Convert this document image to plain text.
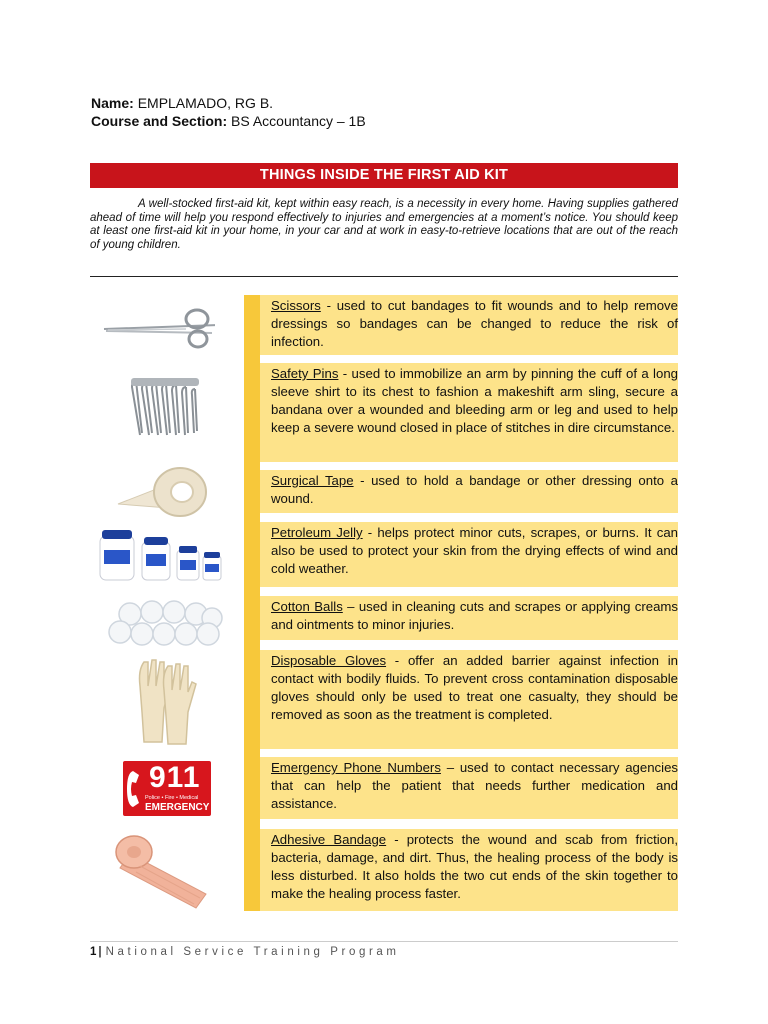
Name: EMPLAMADO, RG B.
Course and Section: BS Accountancy – 1B
THINGS INSIDE THE FIRST AID KIT
A well-stocked first-aid kit, kept within easy reach, is a necessity in every home. Having supplies gathered ahead of time will help you respond effectively to injuries and emergencies at a moment’s notice. You should keep at least one first-aid kit in your home, in your car and at work in easy-to-retrieve locations that are out of the reach of young children.
Scissors - used to cut bandages to fit wounds and to help remove dressings so bandages can be changed to reduce the risk of infection.
Safety Pins - used to immobilize an arm by pinning the cuff of a long sleeve shirt to its chest to fashion a makeshift arm sling, secure a bandana over a wounded and bleeding arm or leg and used to help keep a severe wound closed in place of stitches in dire circumstance.
Surgical Tape - used to hold a bandage or other dressing onto a wound.
Petroleum Jelly - helps protect minor cuts, scrapes, or burns. It can also be used to protect your skin from the drying effects of wind and cold weather.
Cotton Balls – used in cleaning cuts and scrapes or applying creams and ointments to minor injuries.
Disposable Gloves - offer an added barrier against infection in contact with bodily fluids. To prevent cross contamination disposable gloves should only be used to treat one casualty, they should be removed as soon as the treatment is completed.
Emergency Phone Numbers – used to contact necessary agencies that can help the patient that needs further medication and assistance.
Adhesive Bandage - protects the wound and scab from friction, bacteria, damage, and dirt. Thus, the healing process of the body is less disturbed. It also holds the two cut ends of the skin together to make the healing process faster.
911
Police • Fire • Medical
EMERGENCY
1 | National Service Training Program
